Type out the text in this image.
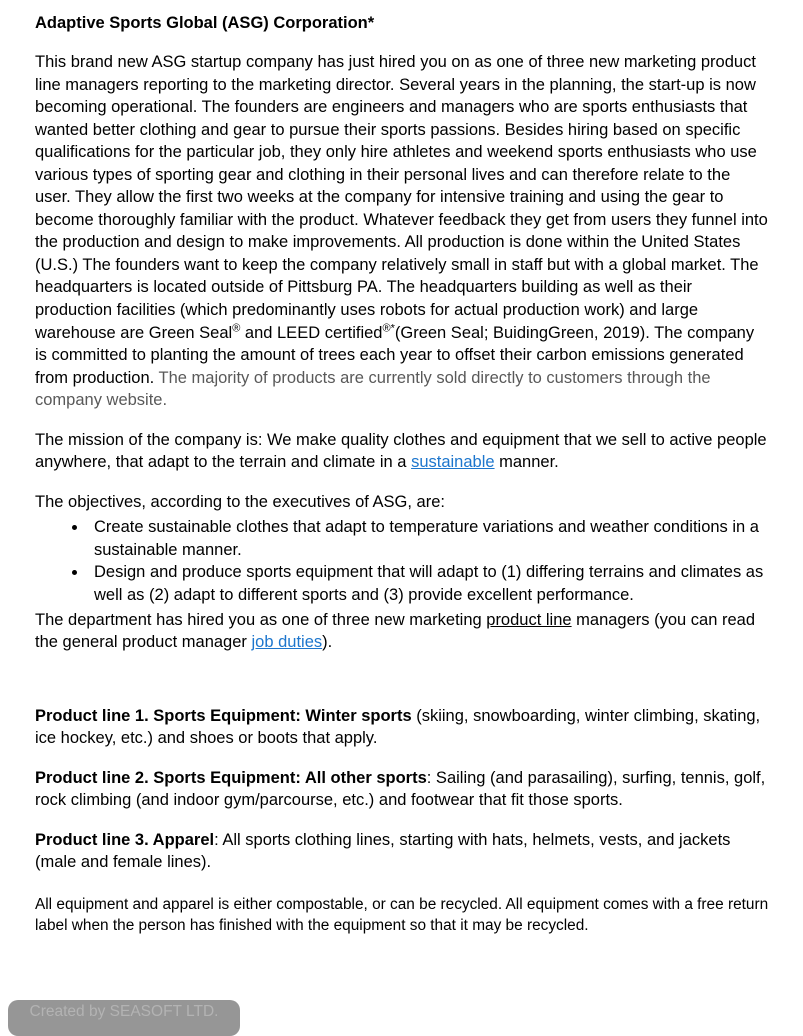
Adaptive Sports Global (ASG) Corporation*

This brand new ASG startup company has just hired you on as one of three new marketing product line managers reporting to the marketing director. Several years in the planning, the start-up is now becoming operational. The founders are engineers and managers who are sports enthusiasts that wanted better clothing and gear to pursue their sports passions. Besides hiring based on specific qualifications for the particular job, they only hire athletes and weekend sports enthusiasts who use various types of sporting gear and clothing in their personal lives and can therefore relate to the user. They allow the first two weeks at the company for intensive training and using the gear to become thoroughly familiar with the product. Whatever feedback they get from users they funnel into the production and design to make improvements. All production is done within the United States (U.S.) The founders want to keep the company relatively small in staff but with a global market. The headquarters is located outside of Pittsburg PA. The headquarters building as well as their production facilities (which predominantly uses robots for actual production work) and large warehouse are Green Seal® and LEED certified®*(Green Seal; BuidingGreen, 2019). The company is committed to planting the amount of trees each year to offset their carbon emissions generated from production. The majority of products are currently sold directly to customers through the company website.

The mission of the company is: We make quality clothes and equipment that we sell to active people anywhere, that adapt to the terrain and climate in a sustainable manner.

The objectives, according to the executives of ASG, are:

• Create sustainable clothes that adapt to temperature variations and weather conditions in a sustainable manner.
• Design and produce sports equipment that will adapt to (1) differing terrains and climates as well as (2) adapt to different sports and (3) provide excellent performance.

The department has hired you as one of three new marketing product line managers (you can read the general product manager job duties).

Product line 1. Sports Equipment: Winter sports (skiing, snowboarding, winter climbing, skating, ice hockey, etc.) and shoes or boots that apply.

Product line 2. Sports Equipment: All other sports: Sailing (and parasailing), surfing, tennis, golf, rock climbing (and indoor gym/parcourse, etc.) and footwear that fit those sports.

Product line 3. Apparel: All sports clothing lines, starting with hats, helmets, vests, and jackets (male and female lines).

All equipment and apparel is either compostable, or can be recycled. All equipment comes with a free return label when the person has finished with the equipment so that it may be recycled.

Created by SEASOFT LTD.
